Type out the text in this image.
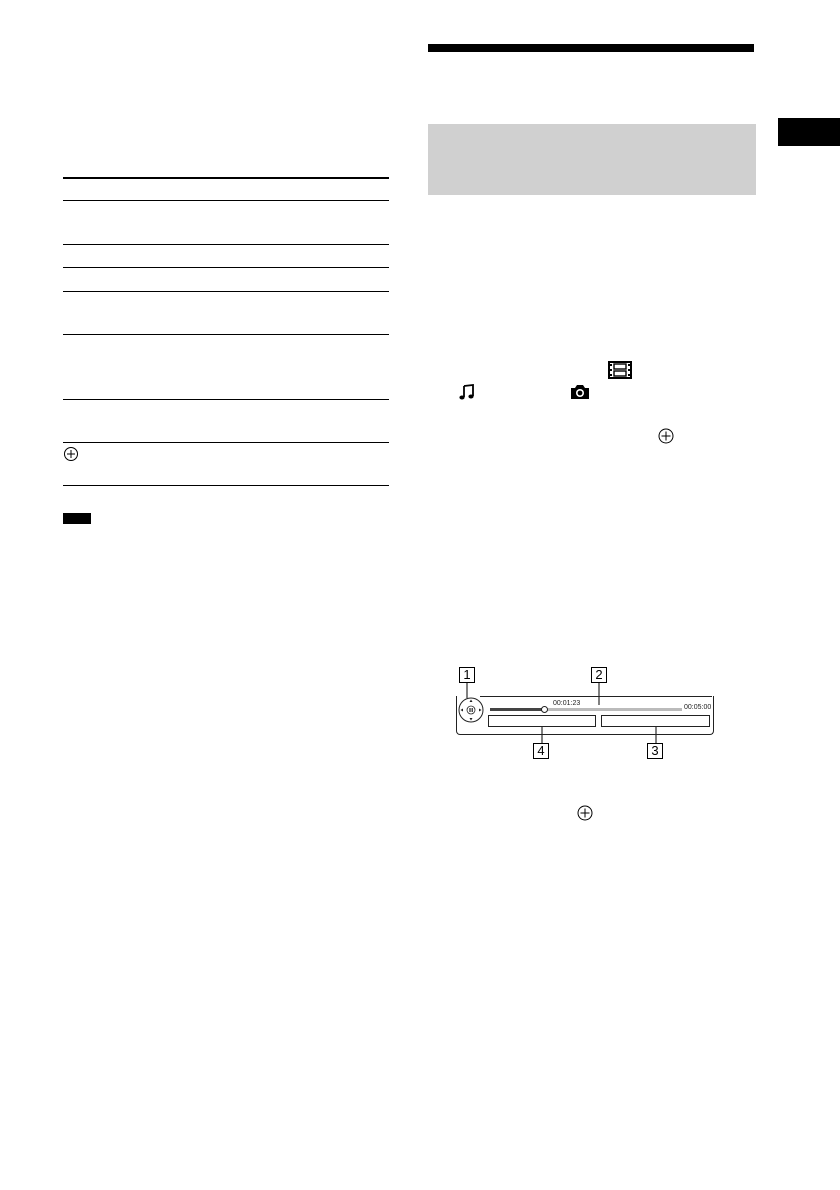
1	2
4	3
00:01:23
00:05:00
